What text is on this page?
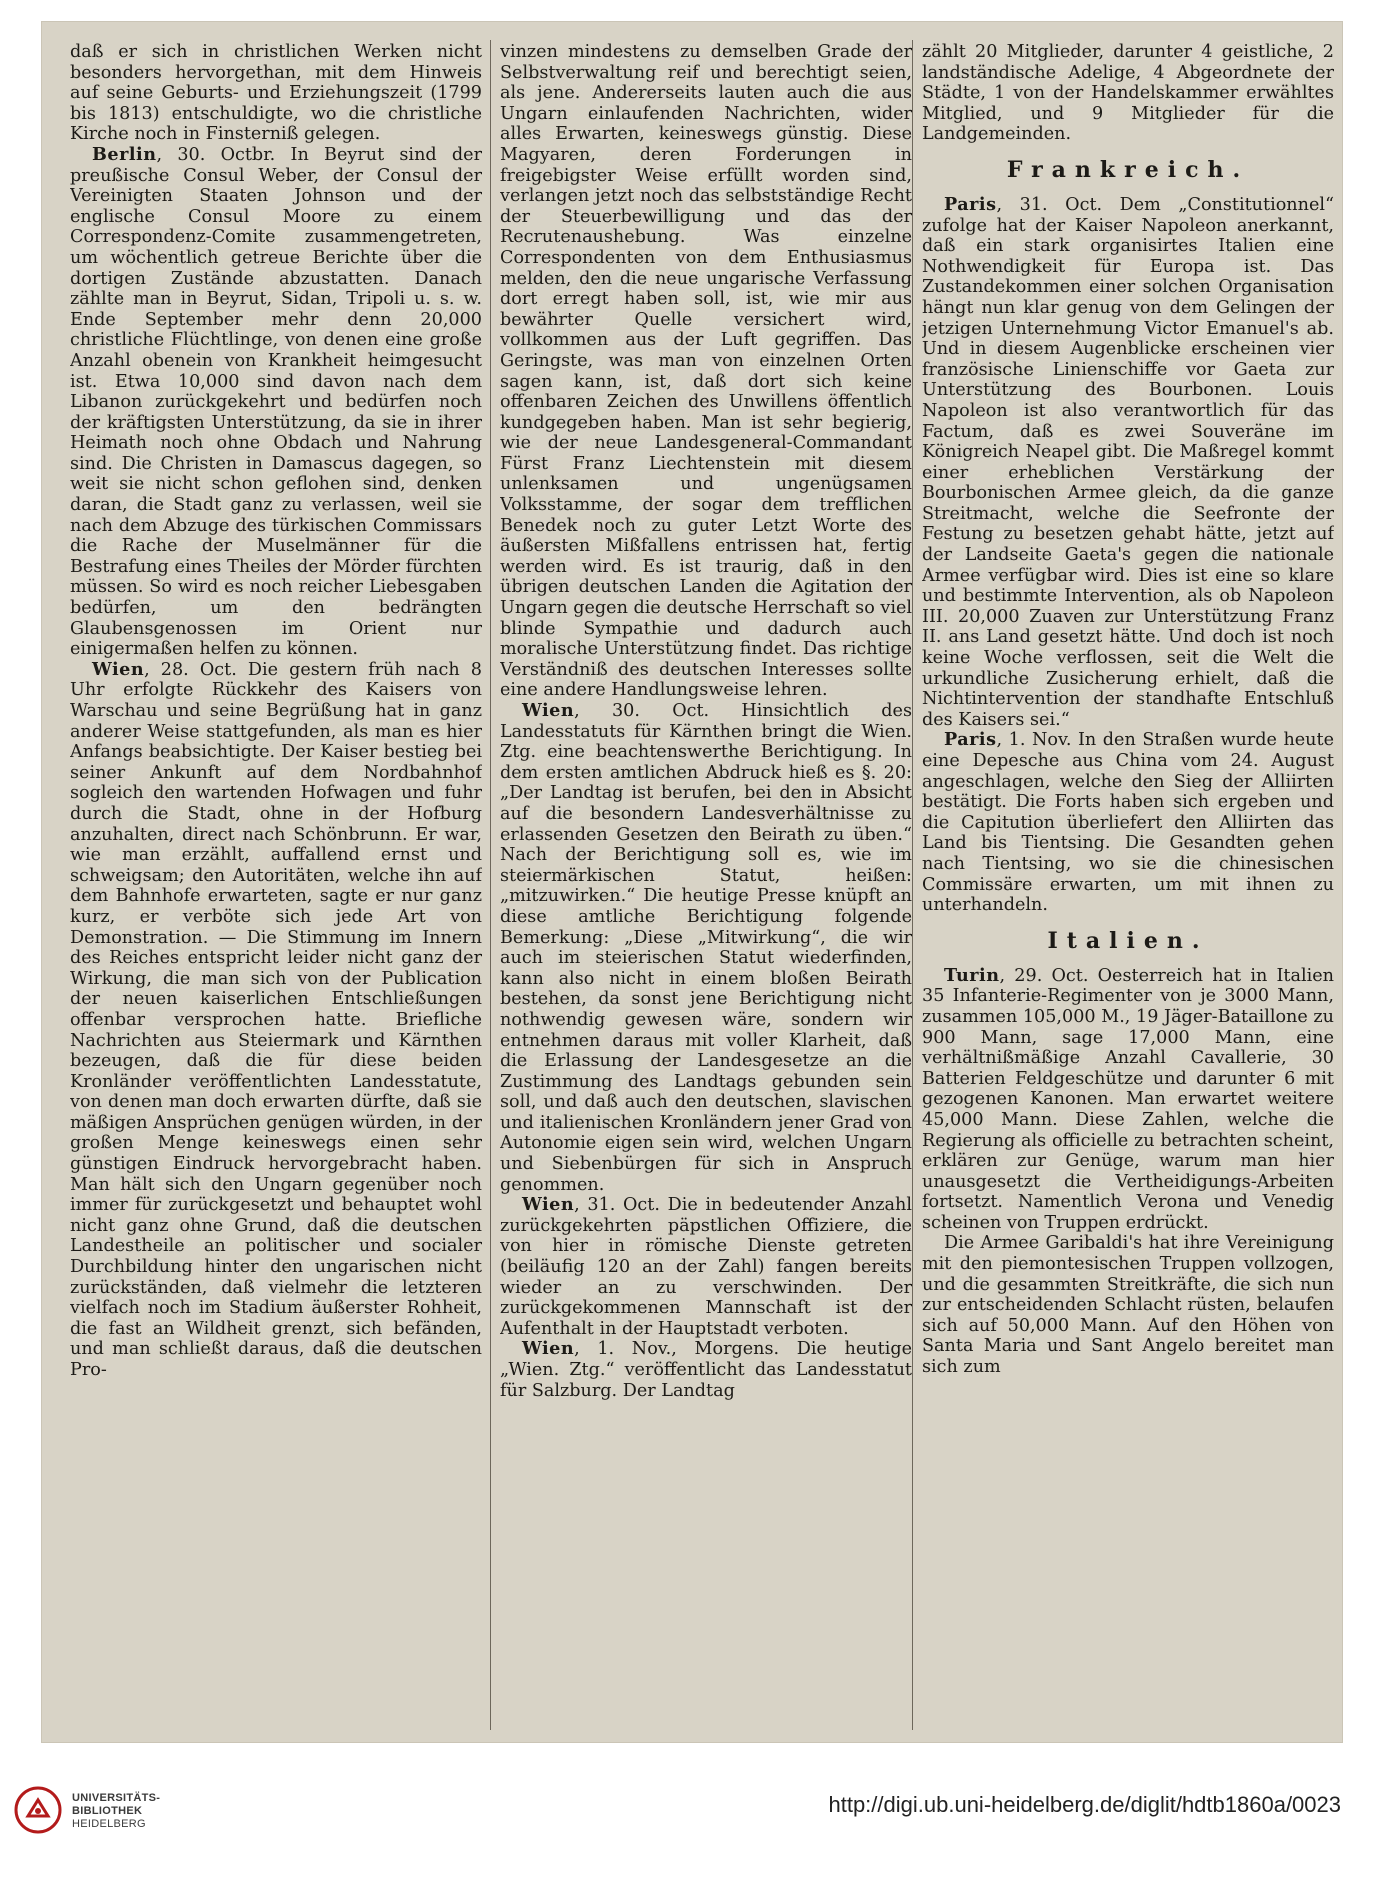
daß er sich in christlichen Werken nicht besonders hervorgethan, mit dem Hinweis auf seine Geburts- und Erziehungszeit (1799 bis 1813) entschuldigte, wo die christliche Kirche noch in Finsterniß gelegen.

Berlin, 30. Octbr. In Beyrut sind der preußische Consul Weber, der Consul der Vereinigten Staaten Johnson und der englische Consul Moore zu einem Correspondenz-Comite zusammengetreten, um wöchentlich getreue Berichte über die dortigen Zustände abzustatten. Danach zählte man in Beyrut, Sidan, Tripoli u. s. w. Ende September mehr denn 20,000 christliche Flüchtlinge, von denen eine große Anzahl obenein von Krankheit heimgesucht ist. Etwa 10,000 sind davon nach dem Libanon zurückgekehrt und bedürfen noch der kräftigsten Unterstützung, da sie in ihrer Heimath noch ohne Obdach und Nahrung sind. Die Christen in Damascus dagegen, so weit sie nicht schon geflohen sind, denken daran, die Stadt ganz zu verlassen, weil sie nach dem Abzuge des türkischen Commissars die Rache der Muselmänner für die Bestrafung eines Theiles der Mörder fürchten müssen. So wird es noch reicher Liebesgaben bedürfen, um den bedrängten Glaubensgenossen im Orient nur einigermaßen helfen zu können.

Wien, 28. Oct. Die gestern früh nach 8 Uhr erfolgte Rückkehr des Kaisers von Warschau und seine Begrüßung hat in ganz anderer Weise stattgefunden, als man es hier Anfangs beabsichtigte. Der Kaiser bestieg bei seiner Ankunft auf dem Nordbahnhof sogleich den wartenden Hofwagen und fuhr durch die Stadt, ohne in der Hofburg anzuhalten, direct nach Schönbrunn. Er war, wie man erzählt, auffallend ernst und schweigsam; den Autoritäten, welche ihn auf dem Bahnhofe erwarteten, sagte er nur ganz kurz, er verböte sich jede Art von Demonstration. — Die Stimmung im Innern des Reiches entspricht leider nicht ganz der Wirkung, die man sich von der Publication der neuen kaiserlichen Entschließungen offenbar versprochen hatte. Briefliche Nachrichten aus Steiermark und Kärnthen bezeugen, daß die für diese beiden Kronländer veröffentlichten Landesstatute, von denen man doch erwarten dürfte, daß sie mäßigen Ansprüchen genügen würden, in der großen Menge keineswegs einen sehr günstigen Eindruck hervorgebracht haben. Man hält sich den Ungarn gegenüber noch immer für zurückgesetzt und behauptet wohl nicht ganz ohne Grund, daß die deutschen Landestheile an politischer und socialer Durchbildung hinter den ungarischen nicht zurückständen, daß vielmehr die letzteren vielfach noch im Stadium äußerster Rohheit, die fast an Wildheit grenzt, sich befänden, und man schließt daraus, daß die deutschen Pro-

vinzen mindestens zu demselben Grade der Selbstverwaltung reif und berechtigt seien, als jene. Andererseits lauten auch die aus Ungarn einlaufenden Nachrichten, wider alles Erwarten, keineswegs günstig. Diese Magyaren, deren Forderungen in freigebigster Weise erfüllt worden sind, verlangen jetzt noch das selbstständige Recht der Steuerbewilligung und das der Recrutenaushebung. Was einzelne Correspondenten von dem Enthusiasmus melden, den die neue ungarische Verfassung dort erregt haben soll, ist, wie mir aus bewährter Quelle versichert wird, vollkommen aus der Luft gegriffen. Das Geringste, was man von einzelnen Orten sagen kann, ist, daß dort sich keine offenbaren Zeichen des Unwillens öffentlich kundgegeben haben. Man ist sehr begierig, wie der neue Landesgeneral-Commandant Fürst Franz Liechtenstein mit diesem unlenksamen und ungenügsamen Volksstamme, der sogar dem trefflichen Benedek noch zu guter Letzt Worte des äußersten Mißfallens entrissen hat, fertig werden wird. Es ist traurig, daß in den übrigen deutschen Landen die Agitation der Ungarn gegen die deutsche Herrschaft so viel blinde Sympathie und dadurch auch moralische Unterstützung findet. Das richtige Verständniß des deutschen Interesses sollte eine andere Handlungsweise lehren.

Wien, 30. Oct. Hinsichtlich des Landesstatuts für Kärnthen bringt die Wien. Ztg. eine beachtenswerthe Berichtigung. In dem ersten amtlichen Abdruck hieß es §. 20: „Der Landtag ist berufen, bei den in Absicht auf die besondern Landesverhältnisse zu erlassenden Gesetzen den Beirath zu üben.“ Nach der Berichtigung soll es, wie im steiermärkischen Statut, heißen: „mitzuwirken.“ Die heutige Presse knüpft an diese amtliche Berichtigung folgende Bemerkung: „Diese „Mitwirkung“, die wir auch im steierischen Statut wiederfinden, kann also nicht in einem bloßen Beirath bestehen, da sonst jene Berichtigung nicht nothwendig gewesen wäre, sondern wir entnehmen daraus mit voller Klarheit, daß die Erlassung der Landesgesetze an die Zustimmung des Landtags gebunden sein soll, und daß auch den deutschen, slavischen und italienischen Kronländern jener Grad von Autonomie eigen sein wird, welchen Ungarn und Siebenbürgen für sich in Anspruch genommen.

Wien, 31. Oct. Die in bedeutender Anzahl zurückgekehrten päpstlichen Offiziere, die von hier in römische Dienste getreten (beiläufig 120 an der Zahl) fangen bereits wieder an zu verschwinden. Der zurückgekommenen Mannschaft ist der Aufenthalt in der Hauptstadt verboten.

Wien, 1. Nov., Morgens. Die heutige „Wien. Ztg.“ veröffentlicht das Landesstatut für Salzburg. Der Landtag

zählt 20 Mitglieder, darunter 4 geistliche, 2 landständische Adelige, 4 Abgeordnete der Städte, 1 von der Handelskammer erwähltes Mitglied, und 9 Mitglieder für die Landgemeinden.

Frankreich.

Paris, 31. Oct. Dem „Constitutionnel“ zufolge hat der Kaiser Napoleon anerkannt, daß ein stark organisirtes Italien eine Nothwendigkeit für Europa ist. Das Zustandekommen einer solchen Organisation hängt nun klar genug von dem Gelingen der jetzigen Unternehmung Victor Emanuel's ab. Und in diesem Augenblicke erscheinen vier französische Linienschiffe vor Gaeta zur Unterstützung des Bourbonen. Louis Napoleon ist also verantwortlich für das Factum, daß es zwei Souveräne im Königreich Neapel gibt. Die Maßregel kommt einer erheblichen Verstärkung der Bourbonischen Armee gleich, da die ganze Streitmacht, welche die Seefronte der Festung zu besetzen gehabt hätte, jetzt auf der Landseite Gaeta's gegen die nationale Armee verfügbar wird. Dies ist eine so klare und bestimmte Intervention, als ob Napoleon III. 20,000 Zuaven zur Unterstützung Franz II. ans Land gesetzt hätte. Und doch ist noch keine Woche verflossen, seit die Welt die urkundliche Zusicherung erhielt, daß die Nichtintervention der standhafte Entschluß des Kaisers sei.“

Paris, 1. Nov. In den Straßen wurde heute eine Depesche aus China vom 24. August angeschlagen, welche den Sieg der Alliirten bestätigt. Die Forts haben sich ergeben und die Capitution überliefert den Alliirten das Land bis Tientsing. Die Gesandten gehen nach Tientsing, wo sie die chinesischen Commissäre erwarten, um mit ihnen zu unterhandeln.

Italien.

Turin, 29. Oct. Oesterreich hat in Italien 35 Infanterie-Regimenter von je 3000 Mann, zusammen 105,000 M., 19 Jäger-Bataillone zu 900 Mann, sage 17,000 Mann, eine verhältnißmäßige Anzahl Cavallerie, 30 Batterien Feldgeschütze und darunter 6 mit gezogenen Kanonen. Man erwartet weitere 45,000 Mann. Diese Zahlen, welche die Regierung als officielle zu betrachten scheint, erklären zur Genüge, warum man hier unausgesetzt die Vertheidigungs-Arbeiten fortsetzt. Namentlich Verona und Venedig scheinen von Truppen erdrückt.

Die Armee Garibaldi's hat ihre Vereinigung mit den piemontesischen Truppen vollzogen, und die gesammten Streitkräfte, die sich nun zur entscheidenden Schlacht rüsten, belaufen sich auf 50,000 Mann. Auf den Höhen von Santa Maria und Sant Angelo bereitet man sich zum

UNIVERSITÄTS-
BIBLIOTHEK
HEIDELBERG
http://digi.ub.uni-heidelberg.de/diglit/hdtb1860a/0023
